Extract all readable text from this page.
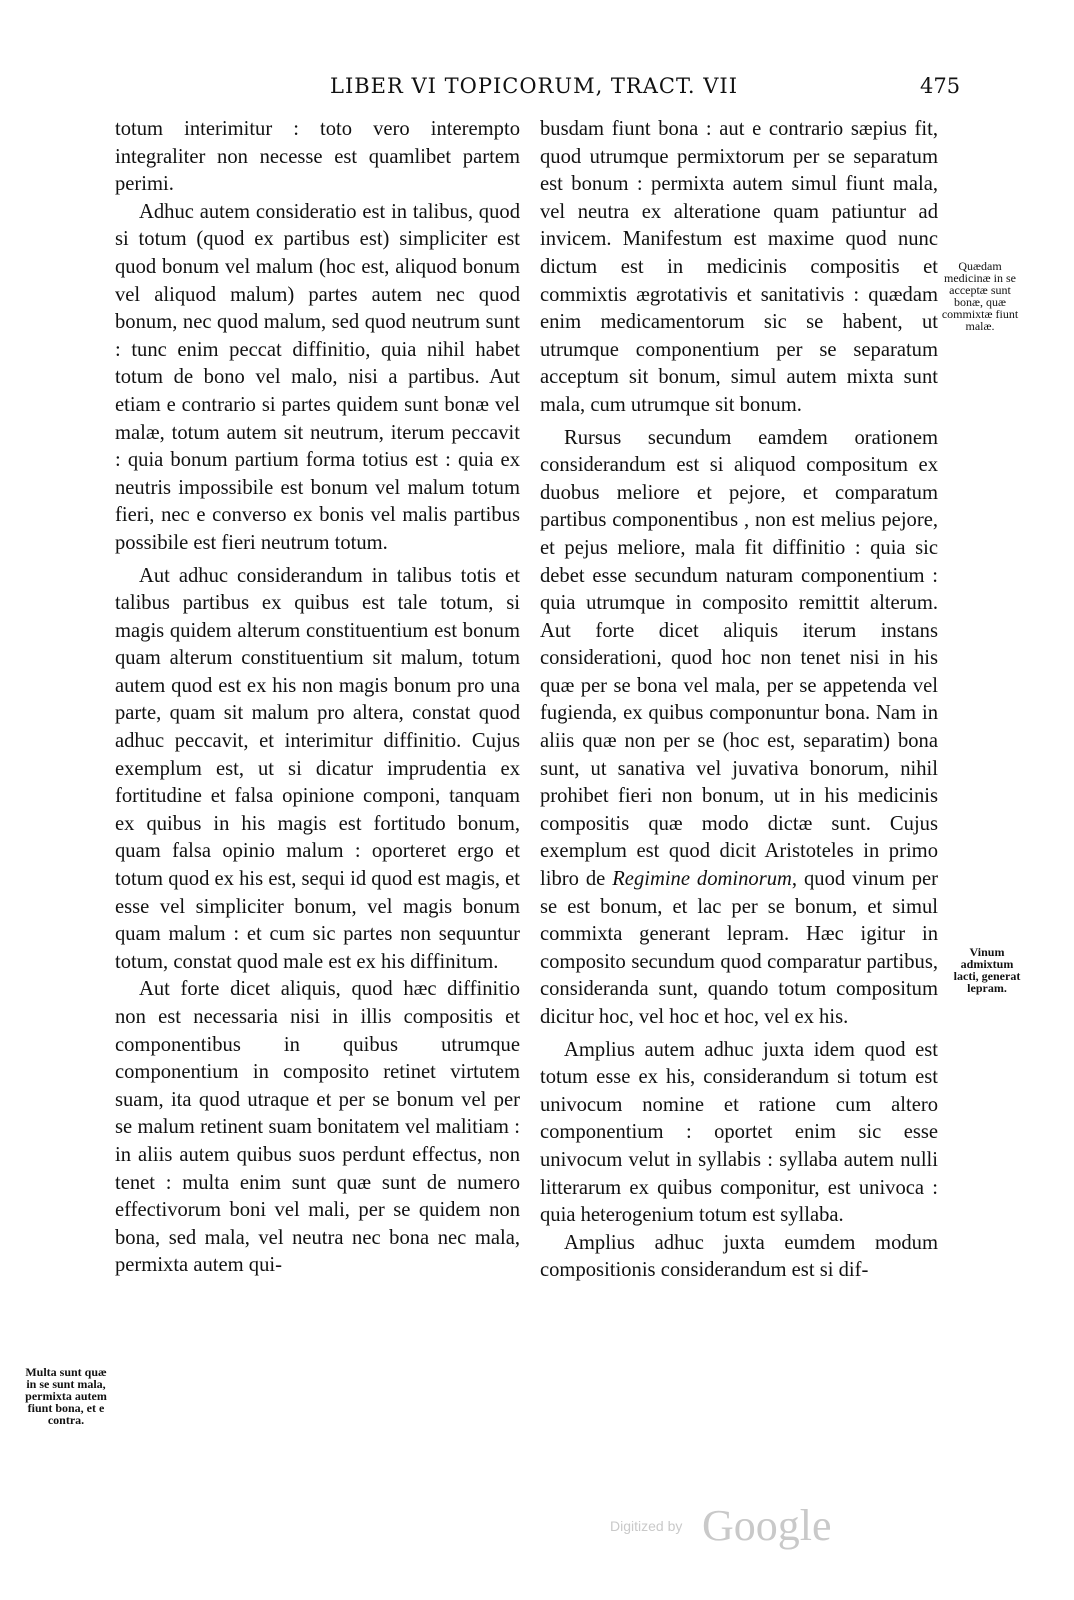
LIBER VI TOPICORUM, TRACT. VII	475

totum interimitur : toto vero interempto integraliter non necesse est quamlibet partem perimi.

Adhuc autem consideratio est in talibus, quod si totum (quod ex partibus est) simpliciter est quod bonum vel malum (hoc est, aliquod bonum vel aliquod malum) partes autem nec quod bonum, nec quod malum, sed quod neutrum sunt : tunc enim peccat diffinitio, quia nihil habet totum de bono vel malo, nisi a partibus. Aut etiam e contrario si partes quidem sunt bonæ vel malæ, totum autem sit neutrum, iterum peccavit : quia bonum partium forma totius est : quia ex neutris impossibile est bonum vel malum totum fieri, nec e converso ex bonis vel malis partibus possibile est fieri neutrum totum.

Aut adhuc considerandum in talibus totis et talibus partibus ex quibus est tale totum, si magis quidem alterum constituentium est bonum quam alterum constituentium sit malum, totum autem quod est ex his non magis bonum pro una parte, quam sit malum pro altera, constat quod adhuc peccavit, et interimitur diffinitio. Cujus exemplum est, ut si dicatur imprudentia ex fortitudine et falsa opinione componi, tanquam ex quibus in his magis est fortitudo bonum, quam falsa opinio malum : oporteret ergo et totum quod ex his est, sequi id quod est magis, et esse vel simpliciter bonum, vel magis bonum quam malum : et cum sic partes non sequuntur totum, constat quod male est ex his diffinitum.

Aut forte dicet aliquis, quod hæc diffinitio non est necessaria nisi in illis compositis et componentibus in quibus utrumque componentium in composito retinet virtutem suam, ita quod utraque et per se bonum vel per se malum retinent suam bonitatem vel malitiam : in aliis autem quibus suos perdunt effectus, non tenet : multa enim sunt quæ sunt de numero effectivorum boni vel mali, per se quidem non bona, sed mala, vel neutra nec bona nec mala, permixta autem qui-

busdam fiunt bona : aut e contrario sæpius fit, quod utrumque permixtorum per se separatum est bonum : permixta autem simul fiunt mala, vel neutra ex alteratione quam patiuntur ad invicem. Manifestum est maxime quod nunc dictum est in medicinis compositis et commixtis ægrotativis et sanitativis : quædam enim medicamentorum sic se habent, ut utrumque componentium per se separatum acceptum sit bonum, simul autem mixta sunt mala, cum utrumque sit bonum.

Rursus secundum eamdem orationem considerandum est si aliquod compositum ex duobus meliore et pejore, et comparatum partibus componentibus , non est melius pejore, et pejus meliore, mala fit diffinitio : quia sic debet esse secundum naturam componentium : quia utrumque in composito remittit alterum. Aut forte dicet aliquis iterum instans considerationi, quod hoc non tenet nisi in his quæ per se bona vel mala, per se appetenda vel fugienda, ex quibus componuntur bona. Nam in aliis quæ non per se (hoc est, separatim) bona sunt, ut sanativa vel juvativa bonorum, nihil prohibet fieri non bonum, ut in his medicinis compositis quæ modo dictæ sunt. Cujus exemplum est quod dicit Aristoteles in primo libro de Regimine dominorum, quod vinum per se est bonum, et lac per se bonum, et simul commixta generant lepram. Hæc igitur in composito secundum quod comparatur partibus, consideranda sunt, quando totum compositum dicitur hoc, vel hoc et hoc, vel ex his.

Amplius autem adhuc juxta idem quod est totum esse ex his, considerandum si totum est univocum nomine et ratione cum altero componentium : oportet enim sic esse univocum velut in syllabis : syllaba autem nulli litterarum ex quibus componitur, est univoca : quia heterogenium totum est syllaba.

Amplius adhuc juxta eumdem modum compositionis considerandum est si dif-

Quædam medicinæ in se acceptæ sunt bonæ, quæ commixtæ fiunt malæ.
Vinum admixtum lacti, generat lepram.
Multa sunt quæ in se sunt mala, permixta autem fiunt bona, et e contra.
Digitized by Google
